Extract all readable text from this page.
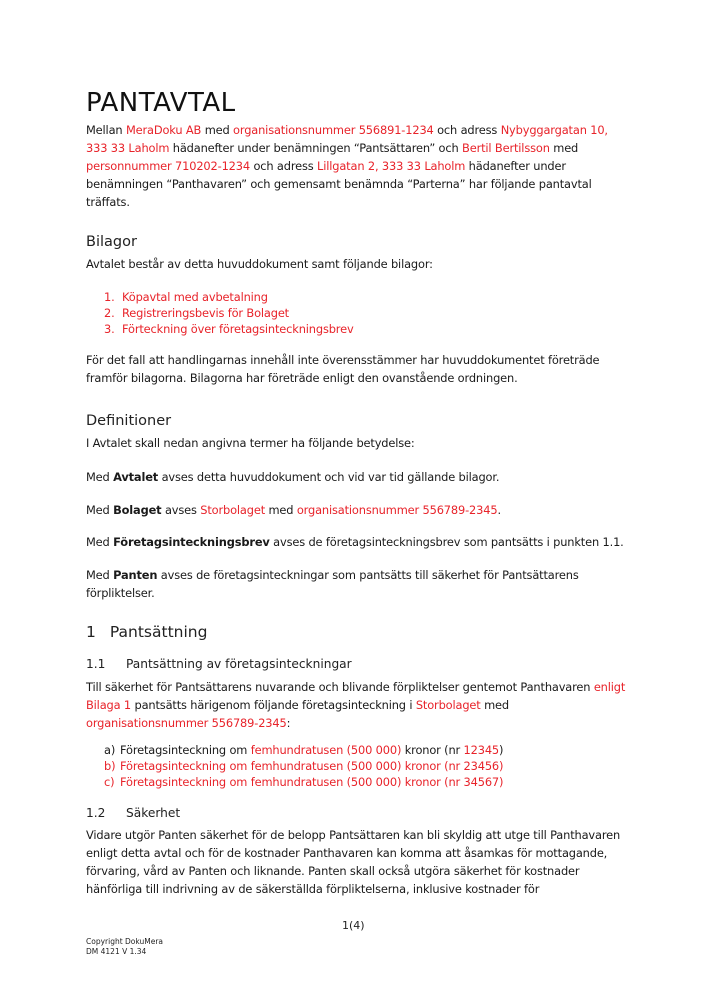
PANTAVTAL
Mellan MeraDoku AB med organisationsnummer 556891-1234 och adress Nybyggargatan 10,
333 33 Laholm hädanefter under benämningen “Pantsättaren” och Bertil Bertilsson med
personnummer 710202-1234 och adress Lillgatan 2, 333 33 Laholm hädanefter under
benämningen “Panthavaren” och gemensamt benämnda “Parterna” har följande pantavtal
träffats.
Bilagor
Avtalet består av detta huvuddokument samt följande bilagor:
1. Köpavtal med avbetalning
2. Registreringsbevis för Bolaget
3. Förteckning över företagsinteckningsbrev
För det fall att handlingarnas innehåll inte överensstämmer har huvuddokumentet företräde
framför bilagorna. Bilagorna har företräde enligt den ovanstående ordningen.
Definitioner
I Avtalet skall nedan angivna termer ha följande betydelse:
Med Avtalet avses detta huvuddokument och vid var tid gällande bilagor.
Med Bolaget avses Storbolaget med organisationsnummer 556789-2345.
Med Företagsinteckningsbrev avses de företagsinteckningsbrev som pantsätts i punkten 1.1.
Med Panten avses de företagsinteckningar som pantsätts till säkerhet för Pantsättarens
förpliktelser.
1 Pantsättning
1.1 Pantsättning av företagsinteckningar
Till säkerhet för Pantsättarens nuvarande och blivande förpliktelser gentemot Panthavaren enligt
Bilaga 1 pantsätts härigenom följande företagsinteckning i Storbolaget med
organisationsnummer 556789-2345:
a) Företagsinteckning om femhundratusen (500 000) kronor (nr 12345)
b) Företagsinteckning om femhundratusen (500 000) kronor (nr 23456)
c) Företagsinteckning om femhundratusen (500 000) kronor (nr 34567)
1.2 Säkerhet
Vidare utgör Panten säkerhet för de belopp Pantsättaren kan bli skyldig att utge till Panthavaren
enligt detta avtal och för de kostnader Panthavaren kan komma att åsamkas för mottagande,
förvaring, vård av Panten och liknande. Panten skall också utgöra säkerhet för kostnader
hänförliga till indrivning av de säkerställda förpliktelserna, inklusive kostnader för
1(4)
Copyright DokuMera
DM 4121 V 1.34
